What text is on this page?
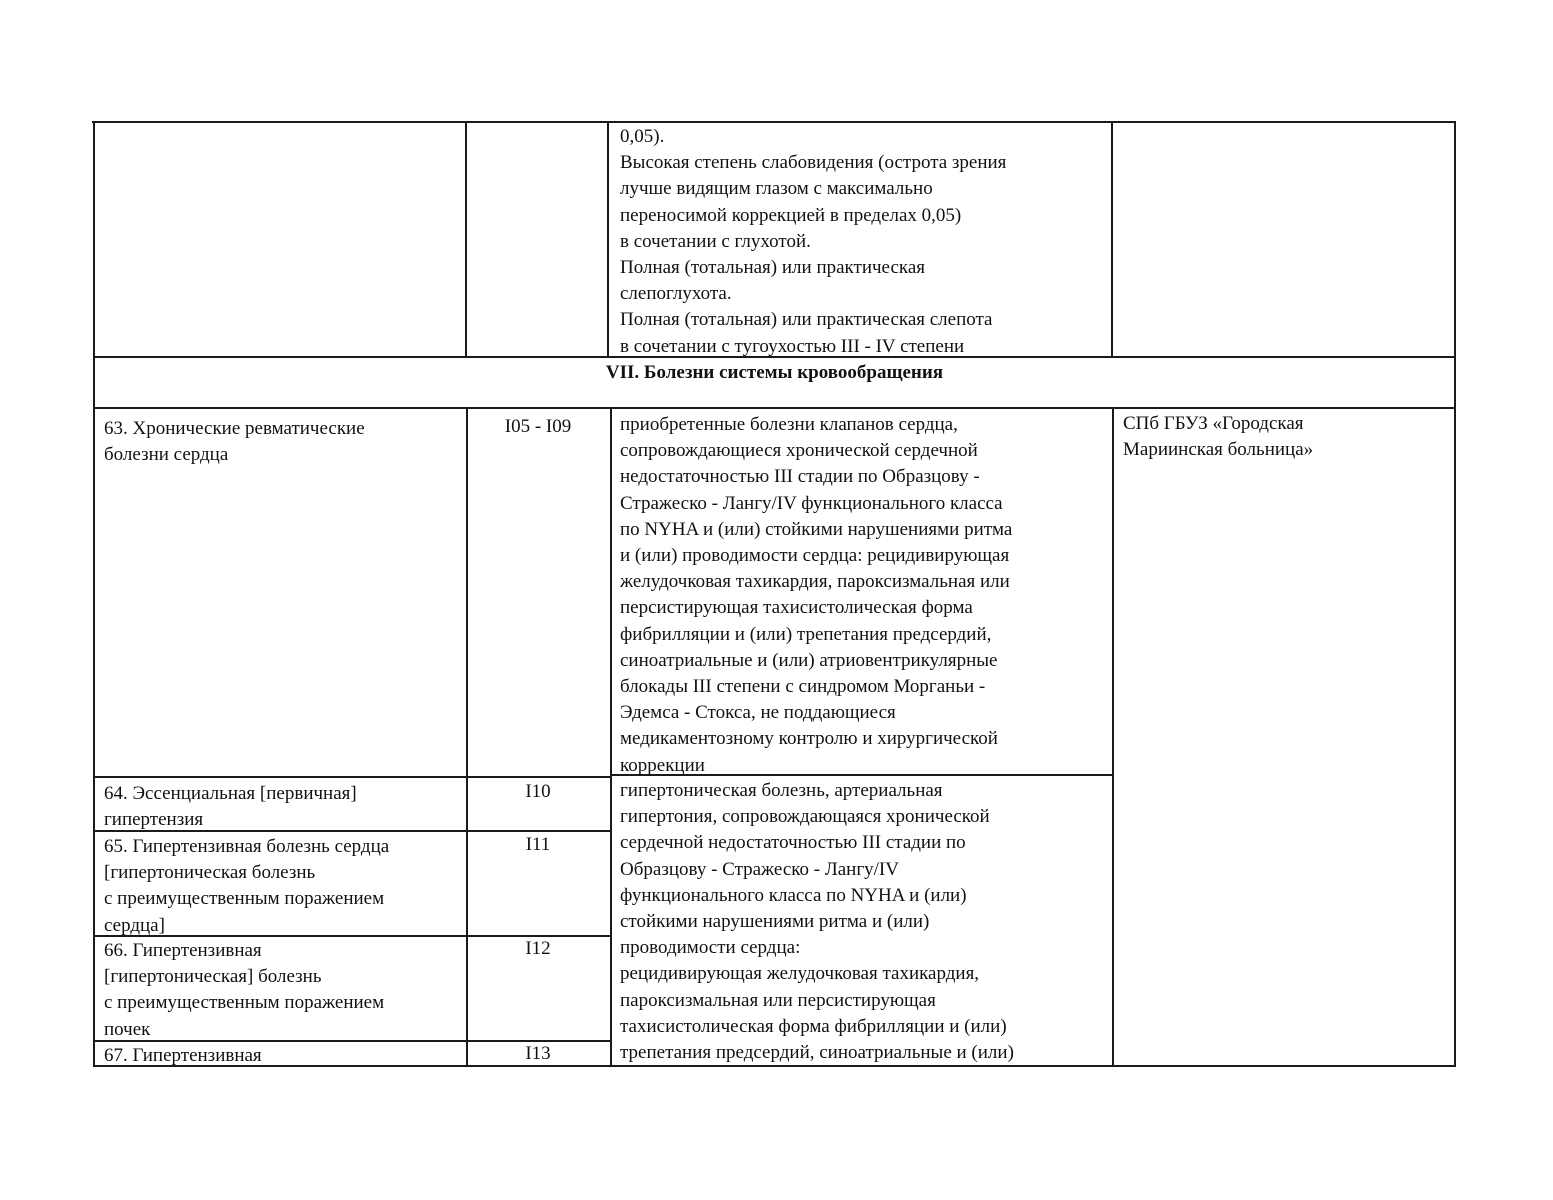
0,05).
Высокая степень слабовидения (острота зрения
лучше видящим глазом с максимально
переносимой коррекцией в пределах 0,05)
в сочетании с глухотой.
Полная (тотальная) или практическая
слепоглухота.
Полная (тотальная) или практическая слепота
в сочетании с тугоухостью III - IV степени
VII. Болезни системы кровообращения
63. Хронические ревматические
болезни сердца
I05 - I09	приобретенные болезни клапанов сердца,
сопровождающиеся хронической сердечной
недостаточностью III стадии по Образцову -
Стражеско - Лангу/IV функционального класса
по NYHA и (или) стойкими нарушениями ритма
и (или) проводимости сердца: рецидивирующая
желудочковая тахикардия, пароксизмальная или
персистирующая тахисистолическая форма
фибрилляции и (или) трепетания предсердий,
синоатриальные и (или) атриовентрикулярные
блокады III степени с синдромом Морганьи -
Эдемса - Стокса, не поддающиеся
медикаментозному контролю и хирургической
коррекции
СПб ГБУЗ «Городская
Мариинская больница»
64. Эссенциальная [первичная]
гипертензия
I10
65. Гипертензивная болезнь сердца
[гипертоническая болезнь
с преимущественным поражением
сердца]
I11
66. Гипертензивная
[гипертоническая] болезнь
с преимущественным поражением
почек
I12
67. Гипертензивная	I13
гипертоническая болезнь, артериальная
гипертония, сопровождающаяся хронической
сердечной недостаточностью III стадии по
Образцову - Стражеско - Лангу/IV
функционального класса по NYHA и (или)
стойкими нарушениями ритма и (или)
проводимости сердца:
рецидивирующая желудочковая тахикардия,
пароксизмальная или персистирующая
тахисистолическая форма фибрилляции и (или)
трепетания предсердий, синоатриальные и (или)
